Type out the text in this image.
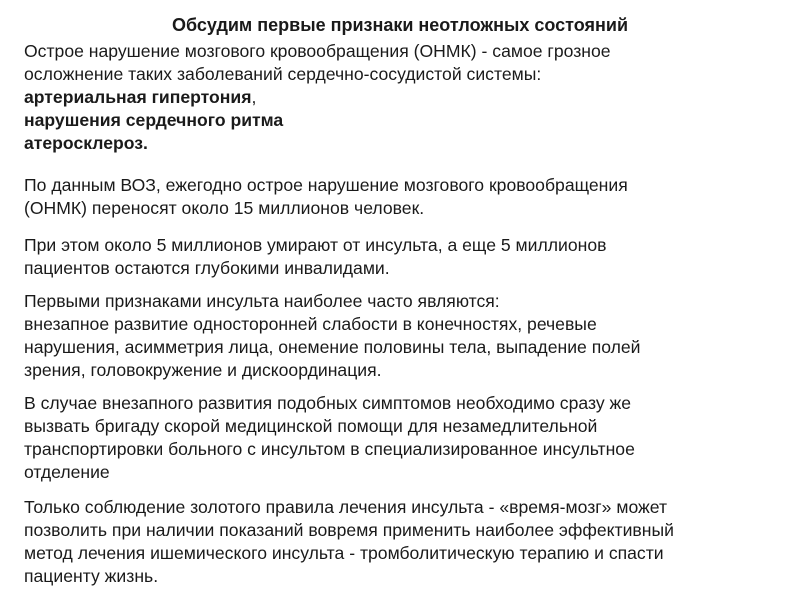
Обсудим первые признаки неотложных состояний
Острое нарушение мозгового кровообращения (ОНМК) - самое грозное
осложнение таких заболеваний сердечно-сосудистой системы:
артериальная гипертония,
нарушения сердечного ритма
атеросклероз.
По данным ВОЗ, ежегодно острое нарушение мозгового кровообращения
(ОНМК) переносят около 15 миллионов человек.
При этом около 5 миллионов умирают от инсульта, а еще 5 миллионов
пациентов остаются глубокими инвалидами.
Первыми признаками инсульта наиболее часто являются:
внезапное развитие односторонней слабости в конечностях, речевые
нарушения, асимметрия лица, онемение половины тела, выпадение полей
зрения, головокружение и дискоординация.
В случае внезапного развития подобных симптомов необходимо сразу же
вызвать бригаду скорой медицинской помощи для незамедлительной
транспортировки больного с инсультом в специализированное инсультное
отделение
Только соблюдение золотого правила лечения инсульта - «время-мозг» может
позволить при наличии показаний вовремя применить наиболее эффективный
метод лечения ишемического инсульта - тромболитическую терапию и спасти
пациенту жизнь.
